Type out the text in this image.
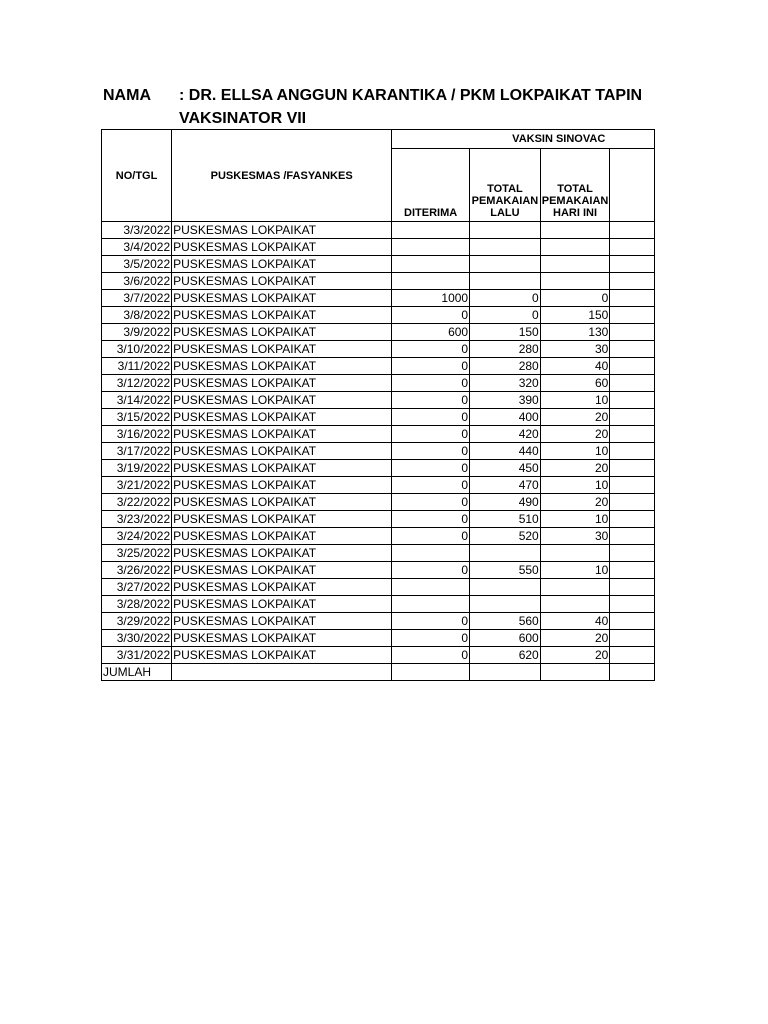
NAMA : DR. ELLSA ANGGUN KARANTIKA / PKM LOKPAIKAT TAPIN
VAKSINATOR VII
NO/TGL	PUSKESMAS /FASYANKES	VAKSIN SINOVAC			
		DITERIMA	TOTAL PEMAKAIAN LALU	TOTAL PEMAKAIAN HARI INI	
3/3/2022	PUSKESMAS LOKPAIKAT				
3/4/2022	PUSKESMAS LOKPAIKAT				
3/5/2022	PUSKESMAS LOKPAIKAT				
3/6/2022	PUSKESMAS LOKPAIKAT				
3/7/2022	PUSKESMAS LOKPAIKAT	1000	0	0	
3/8/2022	PUSKESMAS LOKPAIKAT	0	0	150	
3/9/2022	PUSKESMAS LOKPAIKAT	600	150	130	
3/10/2022	PUSKESMAS LOKPAIKAT	0	280	30	
3/11/2022	PUSKESMAS LOKPAIKAT	0	280	40	
3/12/2022	PUSKESMAS LOKPAIKAT	0	320	60	
3/14/2022	PUSKESMAS LOKPAIKAT	0	390	10	
3/15/2022	PUSKESMAS LOKPAIKAT	0	400	20	
3/16/2022	PUSKESMAS LOKPAIKAT	0	420	20	
3/17/2022	PUSKESMAS LOKPAIKAT	0	440	10	
3/19/2022	PUSKESMAS LOKPAIKAT	0	450	20	
3/21/2022	PUSKESMAS LOKPAIKAT	0	470	10	
3/22/2022	PUSKESMAS LOKPAIKAT	0	490	20	
3/23/2022	PUSKESMAS LOKPAIKAT	0	510	10	
3/24/2022	PUSKESMAS LOKPAIKAT	0	520	30	
3/25/2022	PUSKESMAS LOKPAIKAT				
3/26/2022	PUSKESMAS LOKPAIKAT	0	550	10	
3/27/2022	PUSKESMAS LOKPAIKAT				
3/28/2022	PUSKESMAS LOKPAIKAT				
3/29/2022	PUSKESMAS LOKPAIKAT	0	560	40	
3/30/2022	PUSKESMAS LOKPAIKAT	0	600	20	
3/31/2022	PUSKESMAS LOKPAIKAT	0	620	20	
JUMLAH					
